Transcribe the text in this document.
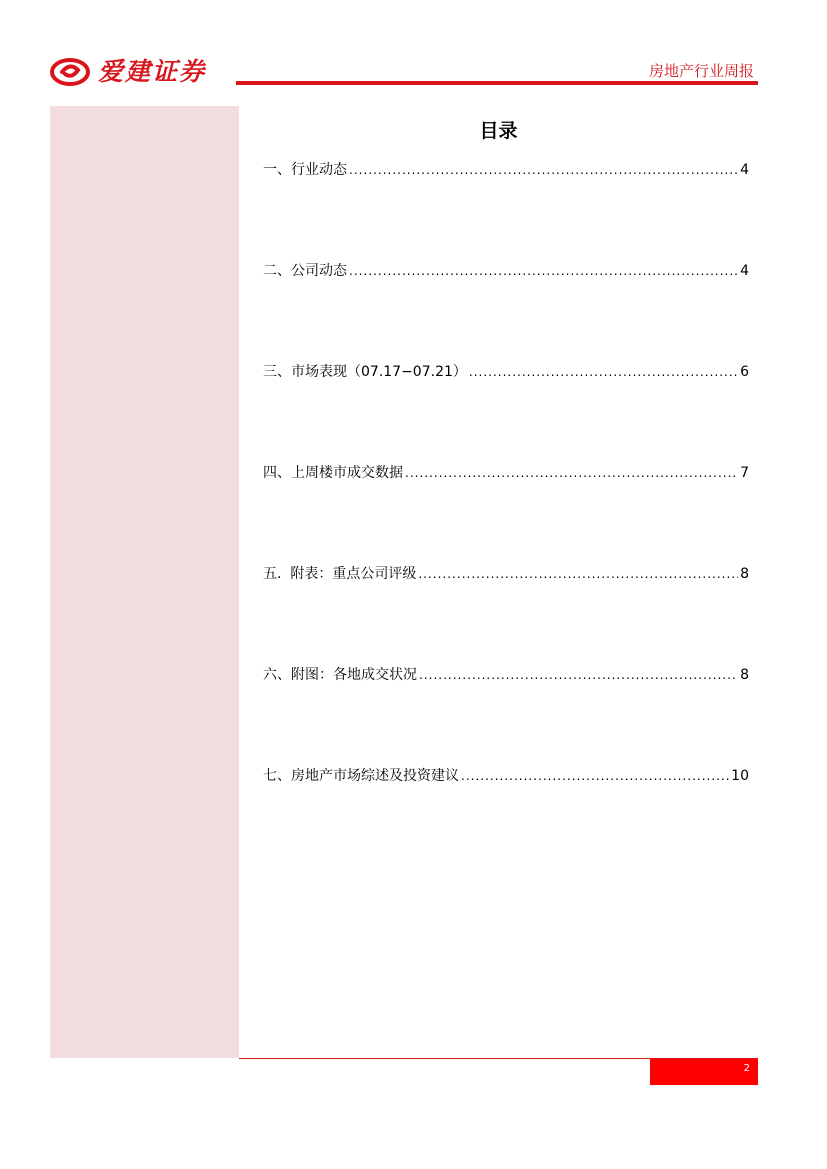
爱建证券	房地产行业周报
目录
一、行业动态 .....	4
二、公司动态 .....	4
三、市场表现（07.17−07.21） .....	6
四、上周楼市成交数据 .....	7
五.  附表：重点公司评级 .....	8
六、附图：各地成交状况 .....	8
七、房地产市场综述及投资建议 .....	10
2
